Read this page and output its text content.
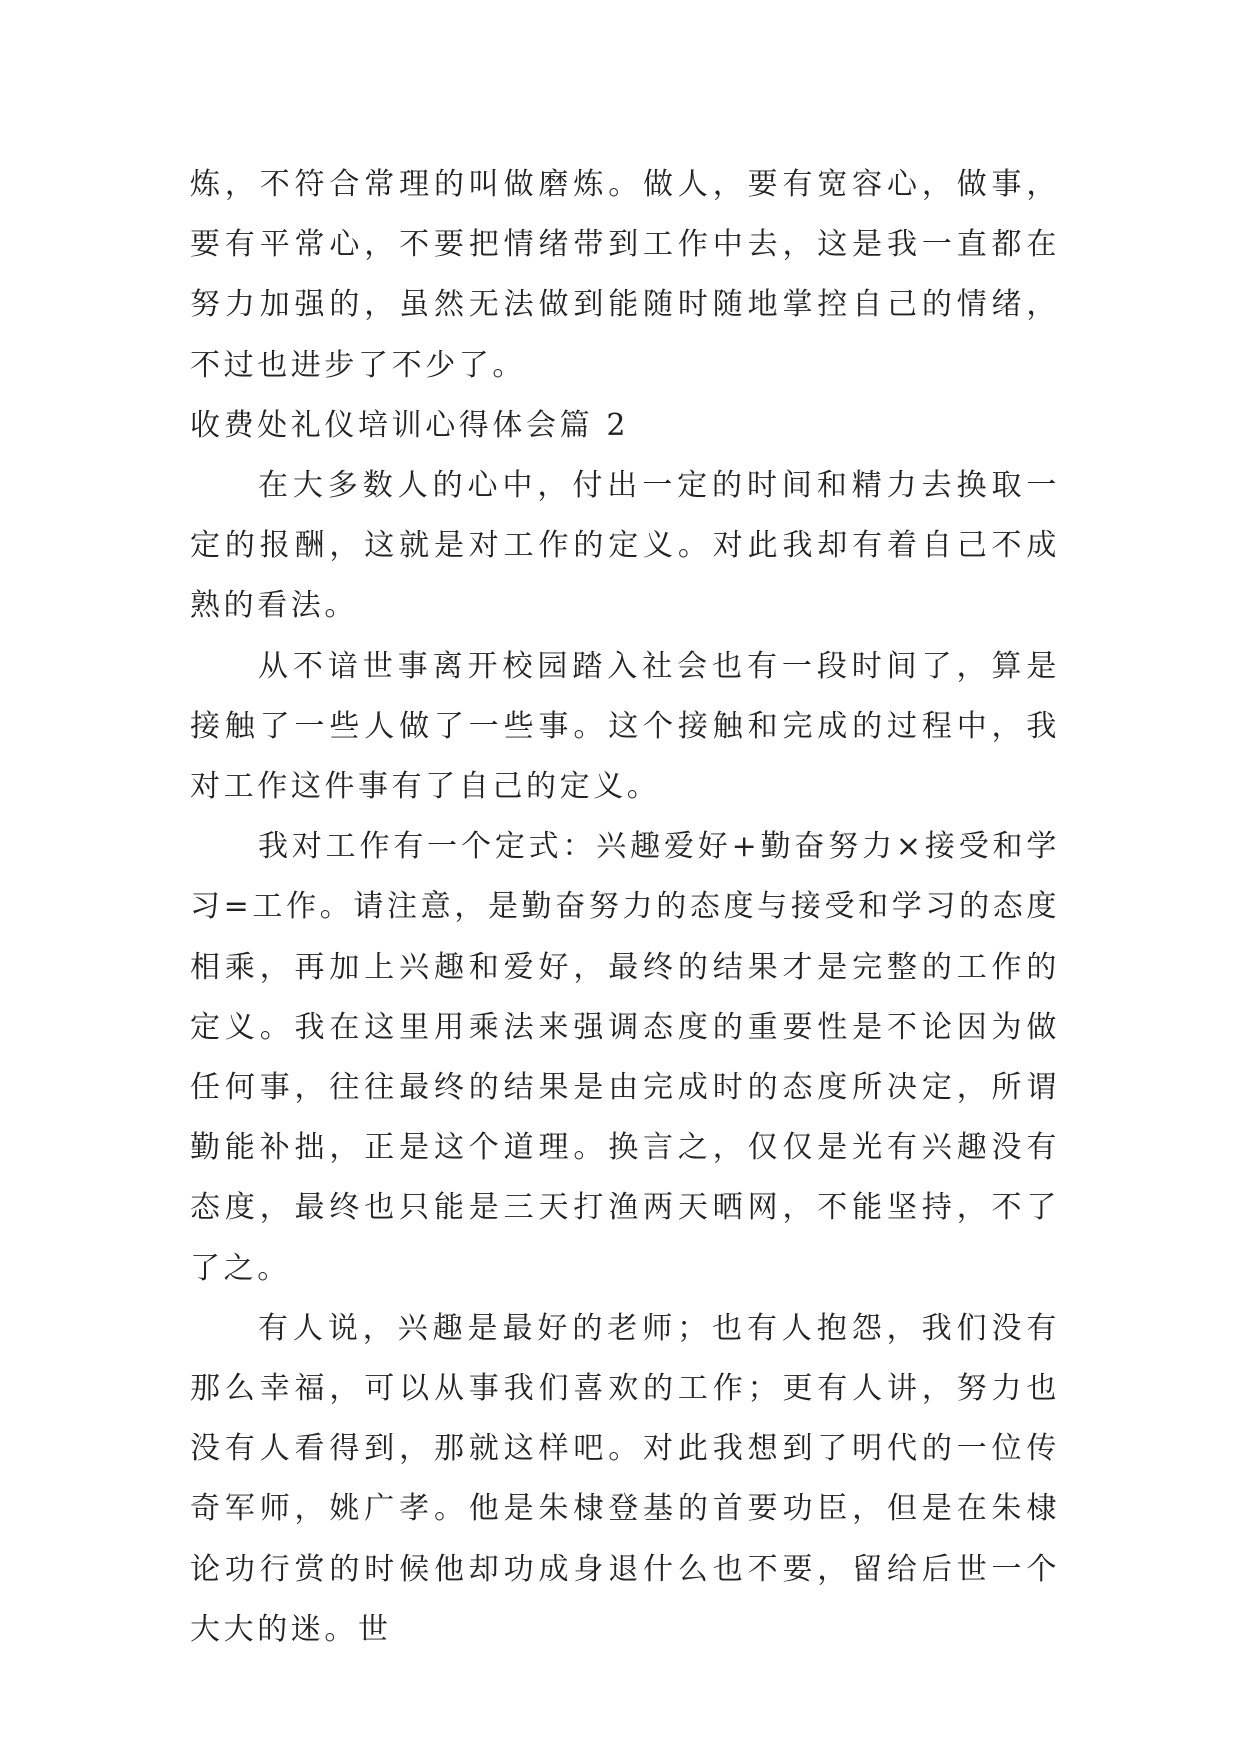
炼，不符合常理的叫做磨炼。做人，要有宽容心，做事，要有平常心，不要把情绪带到工作中去，这是我一直都在努力加强的，虽然无法做到能随时随地掌控自己的情绪，不过也进步了不少了。

收费处礼仪培训心得体会篇 2

在大多数人的心中，付出一定的时间和精力去换取一定的报酬，这就是对工作的定义。对此我却有着自己不成熟的看法。

从不谙世事离开校园踏入社会也有一段时间了，算是接触了一些人做了一些事。这个接触和完成的过程中，我对工作这件事有了自己的定义。

我对工作有一个定式：兴趣爱好+勤奋努力×接受和学习=工作。请注意，是勤奋努力的态度与接受和学习的态度相乘，再加上兴趣和爱好，最终的结果才是完整的工作的定义。我在这里用乘法来强调态度的重要性是不论因为做任何事，往往最终的结果是由完成时的态度所决定，所谓勤能补拙，正是这个道理。换言之，仅仅是光有兴趣没有态度，最终也只能是三天打渔两天晒网，不能坚持，不了了之。

有人说，兴趣是最好的老师；也有人抱怨，我们没有那么幸福，可以从事我们喜欢的工作；更有人讲，努力也没有人看得到，那就这样吧。对此我想到了明代的一位传奇军师，姚广孝。他是朱棣登基的首要功臣，但是在朱棣论功行赏的时候他却功成身退什么也不要，留给后世一个大大的迷。世
